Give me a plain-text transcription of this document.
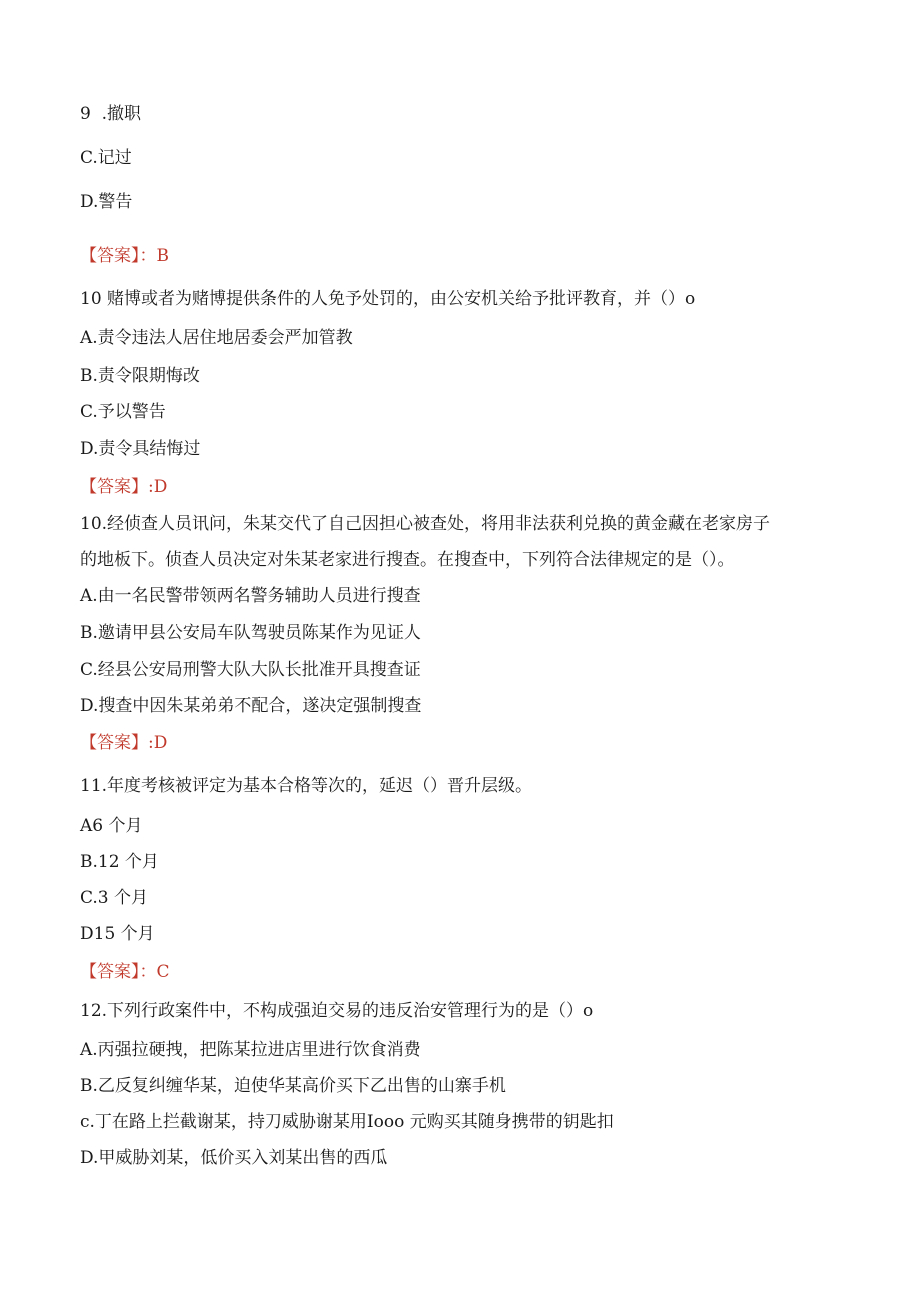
9  .撤职
C.记过
D.警告
【答案】：B
10 赌博或者为赌博提供条件的人免予处罚的，由公安机关给予批评教育，并（）o
A.责令违法人居住地居委会严加管教
B.责令限期悔改
C.予以警告
D.责令具结悔过
【答案】:D
10.经侦查人员讯问，朱某交代了自己因担心被查处，将用非法获利兑换的黄金藏在老家房子
的地板下。侦查人员决定对朱某老家进行搜查。在搜查中，下列符合法律规定的是（）。
A.由一名民警带领两名警务辅助人员进行搜查
B.邀请甲县公安局车队驾驶员陈某作为见证人
C.经县公安局刑警大队大队长批准开具搜查证
D.搜查中因朱某弟弟不配合，遂决定强制搜查
【答案】:D
11.年度考核被评定为基本合格等次的，延迟（）晋升层级。
A6 个月
B.12 个月
C.3 个月
D15 个月
【答案】：C
12.下列行政案件中，不构成强迫交易的违反治安管理行为的是（）o
A.丙强拉硬拽，把陈某拉进店里进行饮食消费
B.乙反复纠缠华某，迫使华某高价买下乙出售的山寨手机
c.丁在路上拦截谢某，持刀威胁谢某用Iooo 元购买其随身携带的钥匙扣
D.甲威胁刘某，低价买入刘某出售的西瓜
